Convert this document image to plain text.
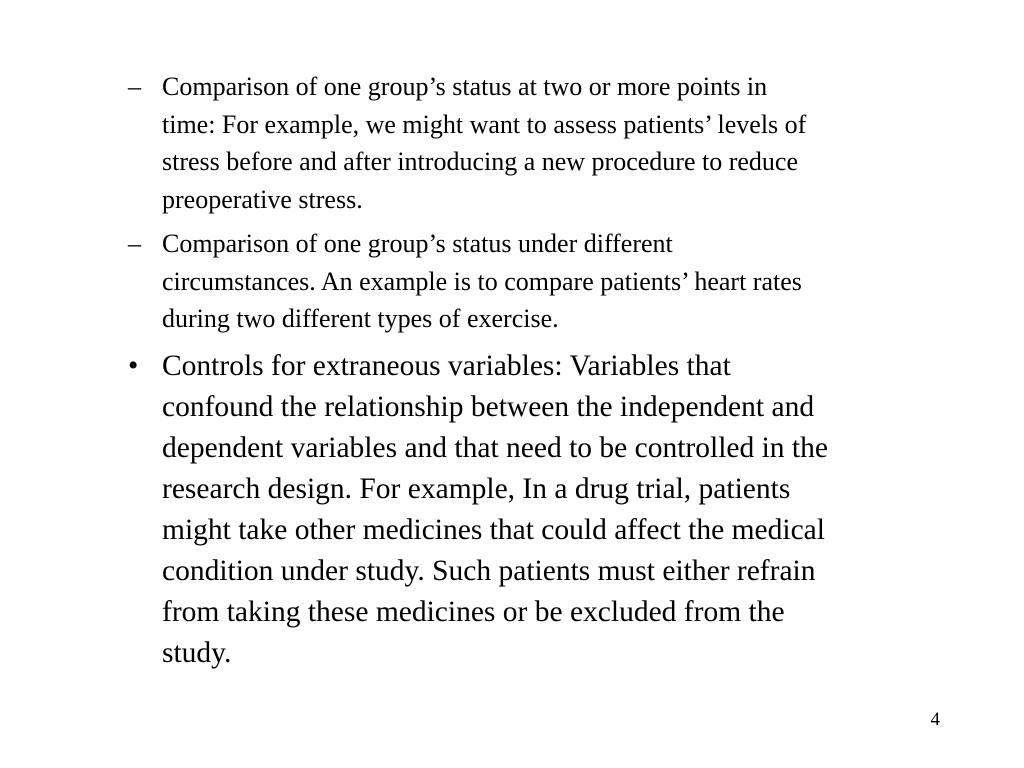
– Comparison of one group’s status at two or more points in
time: For example, we might want to assess patients’ levels of
stress before and after introducing a new procedure to reduce
preoperative stress.
– Comparison of one group’s status under different
circumstances. An example is to compare patients’ heart rates
during two different types of exercise.
• Controls for extraneous variables: Variables that
confound the relationship between the independent and
dependent variables and that need to be controlled in the
research design. For example, In a drug trial, patients
might take other medicines that could affect the medical
condition under study. Such patients must either refrain
from taking these medicines or be excluded from the
study.
4
